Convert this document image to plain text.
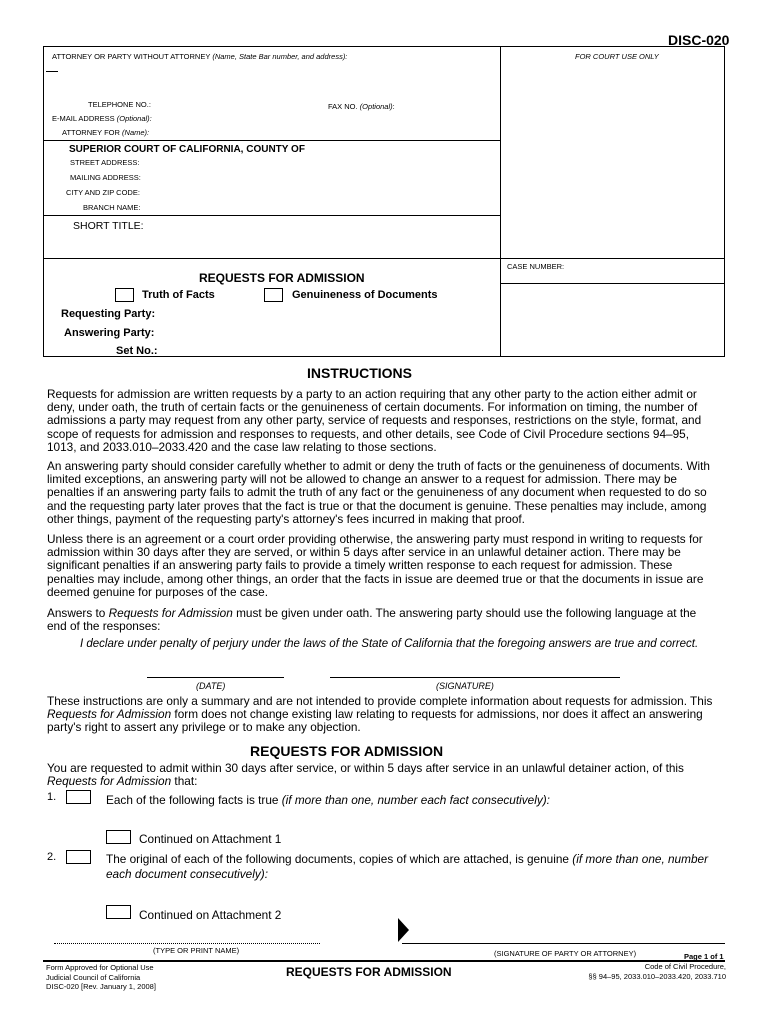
DISC-020
ATTORNEY OR PARTY WITHOUT ATTORNEY (Name, State Bar number, and address):	FOR COURT USE ONLY
TELEPHONE NO.:	FAX NO. (Optional):
E-MAIL ADDRESS (Optional):
ATTORNEY FOR (Name):
SUPERIOR COURT OF CALIFORNIA, COUNTY OF
STREET ADDRESS:
MAILING ADDRESS:
CITY AND ZIP CODE:
BRANCH NAME:
SHORT TITLE:
CASE NUMBER:
REQUESTS FOR ADMISSION
Truth of Facts	Genuineness of Documents
Requesting Party:
Answering Party:
Set No.:
INSTRUCTIONS
Requests for admission are written requests by a party to an action requiring that any other party to the action either admit or deny, under oath, the truth of certain facts or the genuineness of certain documents. For information on timing, the number of admissions a party may request from any other party, service of requests and responses, restrictions on the style, format, and scope of requests for admission and responses to requests, and other details, see Code of Civil Procedure sections 94–95, 1013, and 2033.010–2033.420 and the case law relating to those sections.
An answering party should consider carefully whether to admit or deny the truth of facts or the genuineness of documents. With limited exceptions, an answering party will not be allowed to change an answer to a request for admission. There may be penalties if an answering party fails to admit the truth of any fact or the genuineness of any document when requested to do so and the requesting party later proves that the fact is true or that the document is genuine. These penalties may include, among other things, payment of the requesting party's attorney's fees incurred in making that proof.
Unless there is an agreement or a court order providing otherwise, the answering party must respond in writing to requests for admission within 30 days after they are served, or within 5 days after service in an unlawful detainer action. There may be significant penalties if an answering party fails to provide a timely written response to each request for admission. These penalties may include, among other things, an order that the facts in issue are deemed true or that the documents in issue are deemed genuine for purposes of the case.
Answers to Requests for Admission must be given under oath. The answering party should use the following language at the end of the responses:
I declare under penalty of perjury under the laws of the State of California that the foregoing answers are true and correct.
(DATE)	(SIGNATURE)
These instructions are only a summary and are not intended to provide complete information about requests for admission. This Requests for Admission form does not change existing law relating to requests for admissions, nor does it affect an answering party's right to assert any privilege or to make any objection.
REQUESTS FOR ADMISSION
You are requested to admit within 30 days after service, or within 5 days after service in an unlawful detainer action, of this Requests for Admission that:
1.	Each of the following facts is true (if more than one, number each fact consecutively):
Continued on Attachment 1
2.	The original of each of the following documents, copies of which are attached, is genuine (if more than one, number each document consecutively):
Continued on Attachment 2
(TYPE OR PRINT NAME)	(SIGNATURE OF PARTY OR ATTORNEY)	Page 1 of 1
Form Approved for Optional Use
Judicial Council of California
DISC-020 [Rev. January 1, 2008]
REQUESTS FOR ADMISSION	Code of Civil Procedure,
§§ 94–95, 2033.010–2033.420, 2033.710
